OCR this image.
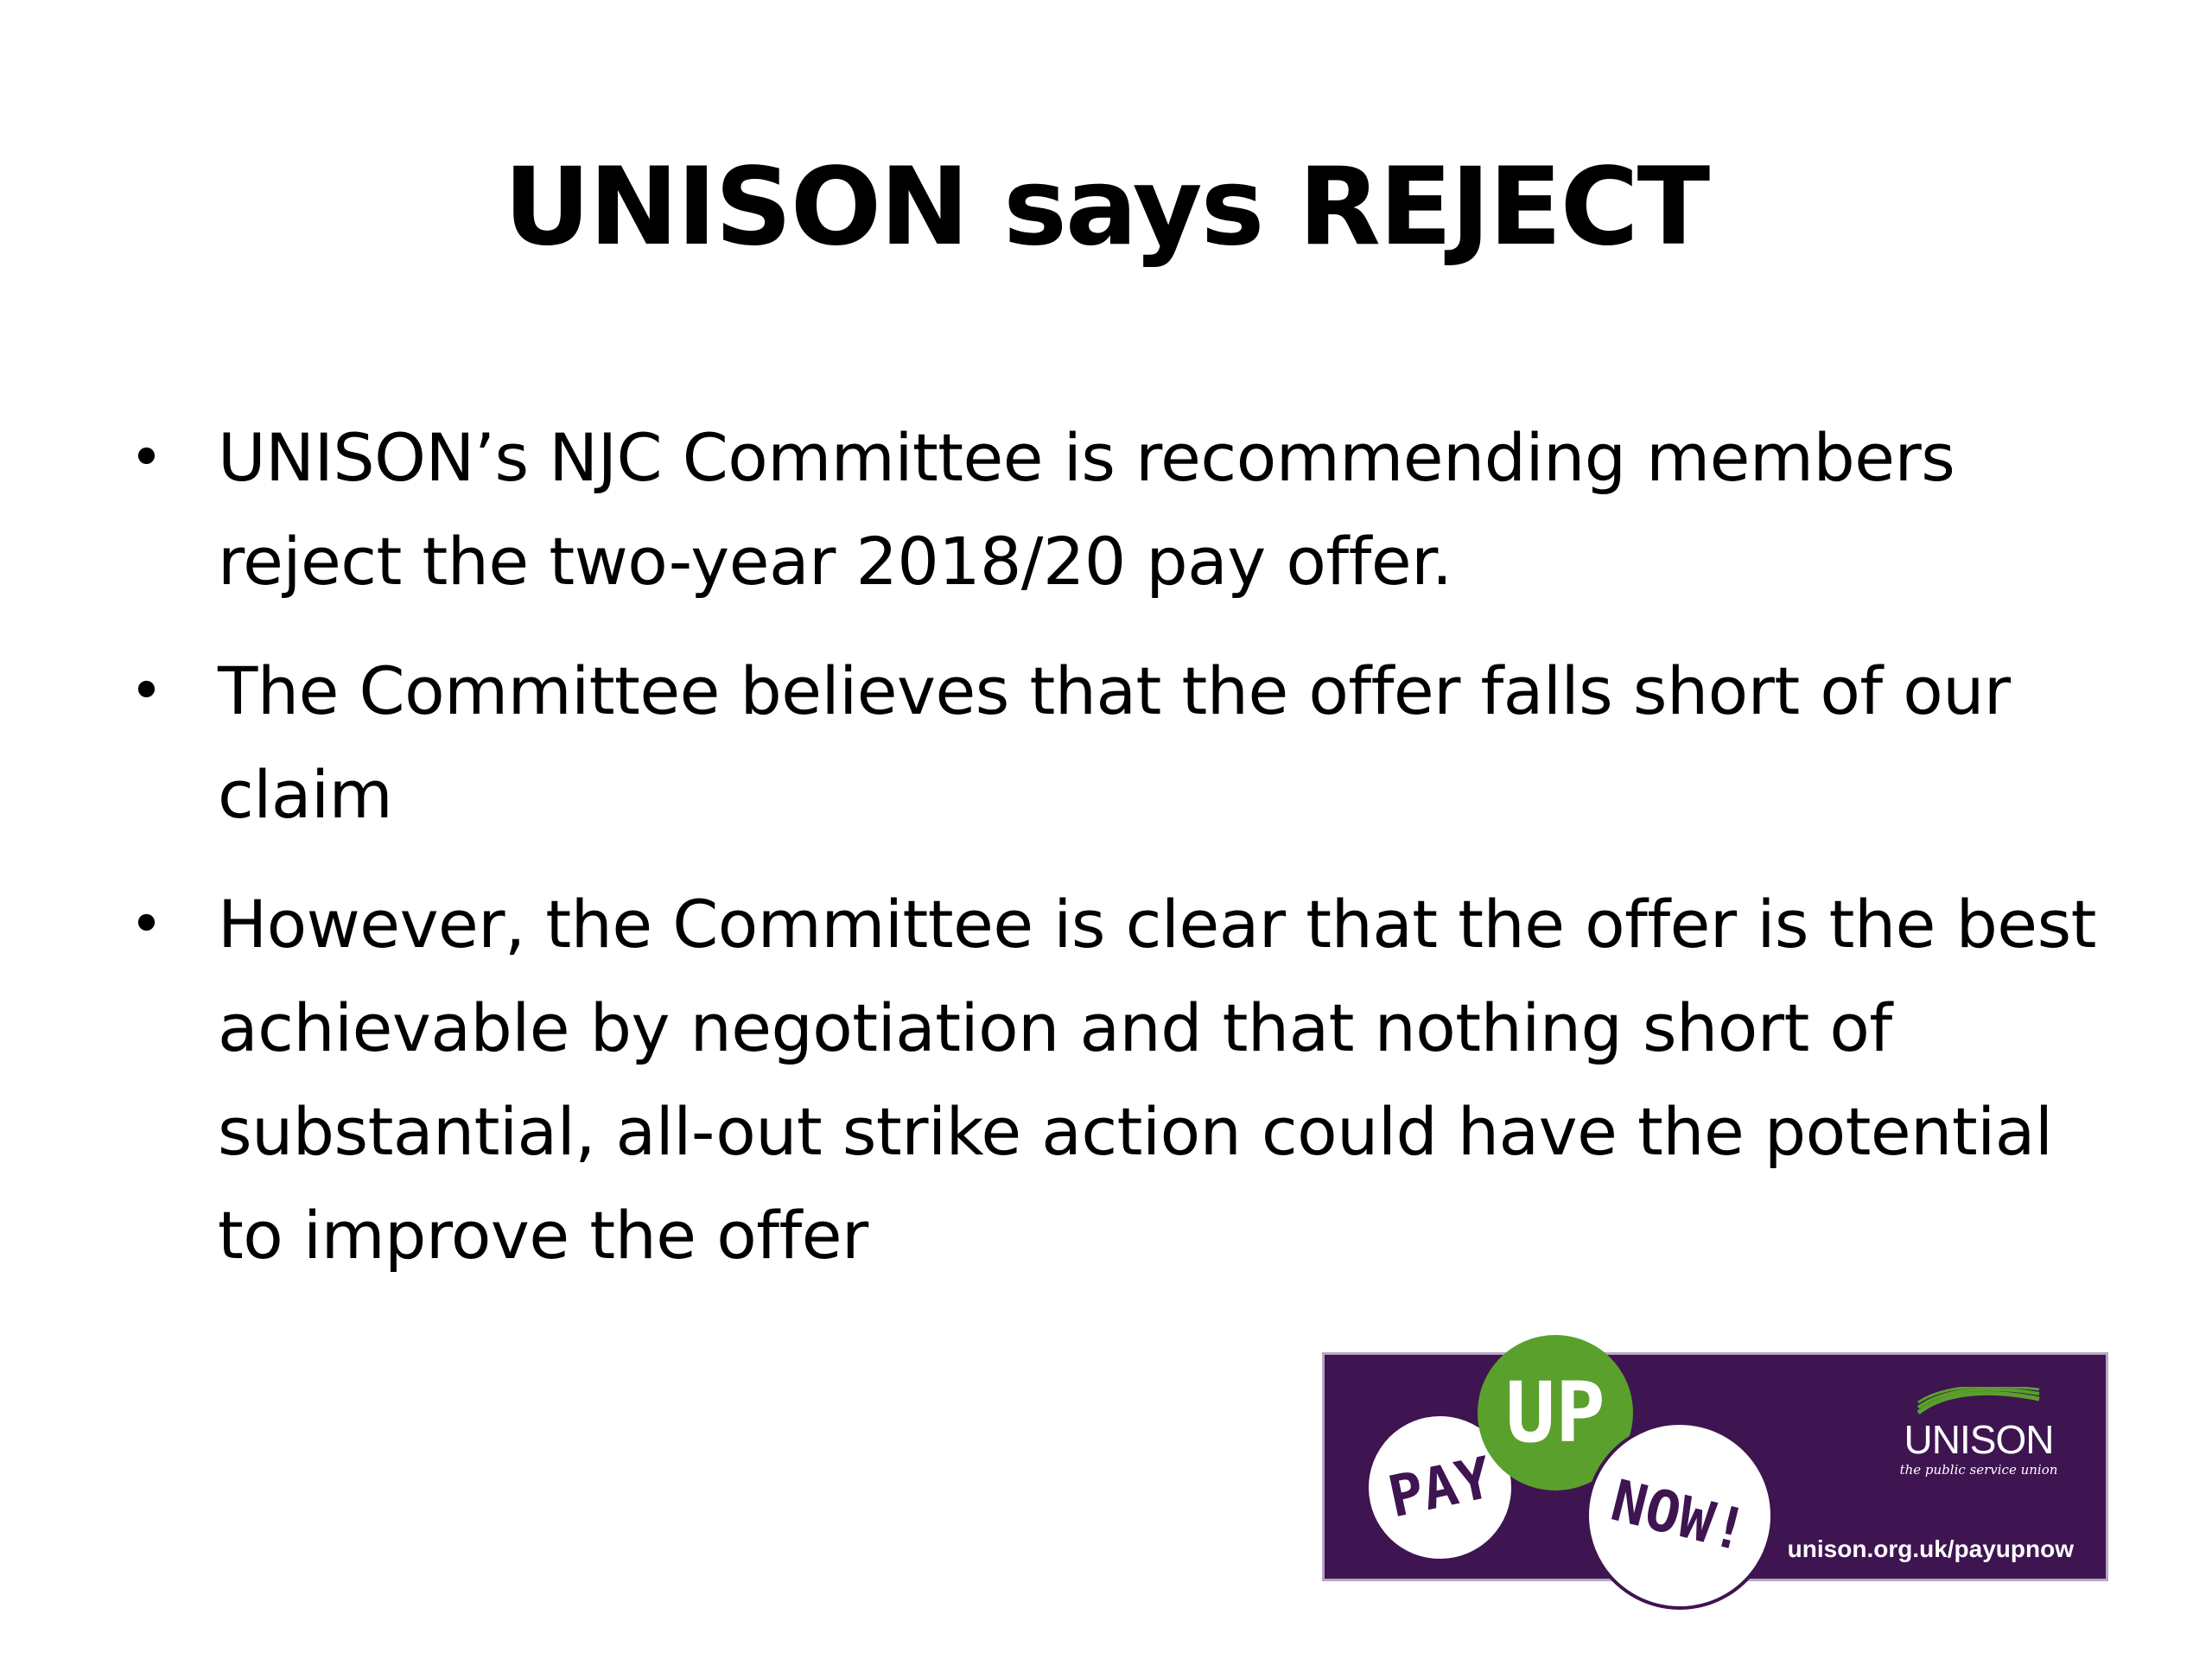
UNISON says REJECT
• UNISON’s NJC Committee is recommending members reject the two-year 2018/20 pay offer.
• The Committee believes that the offer falls short of our claim
• However, the Committee is clear that the offer is the best achievable by negotiation and that nothing short of substantial, all-out strike action could have the potential to improve the offer
PAY
UP
NOW!
UNISON
the public service union
unison.org.uk/payupnow
